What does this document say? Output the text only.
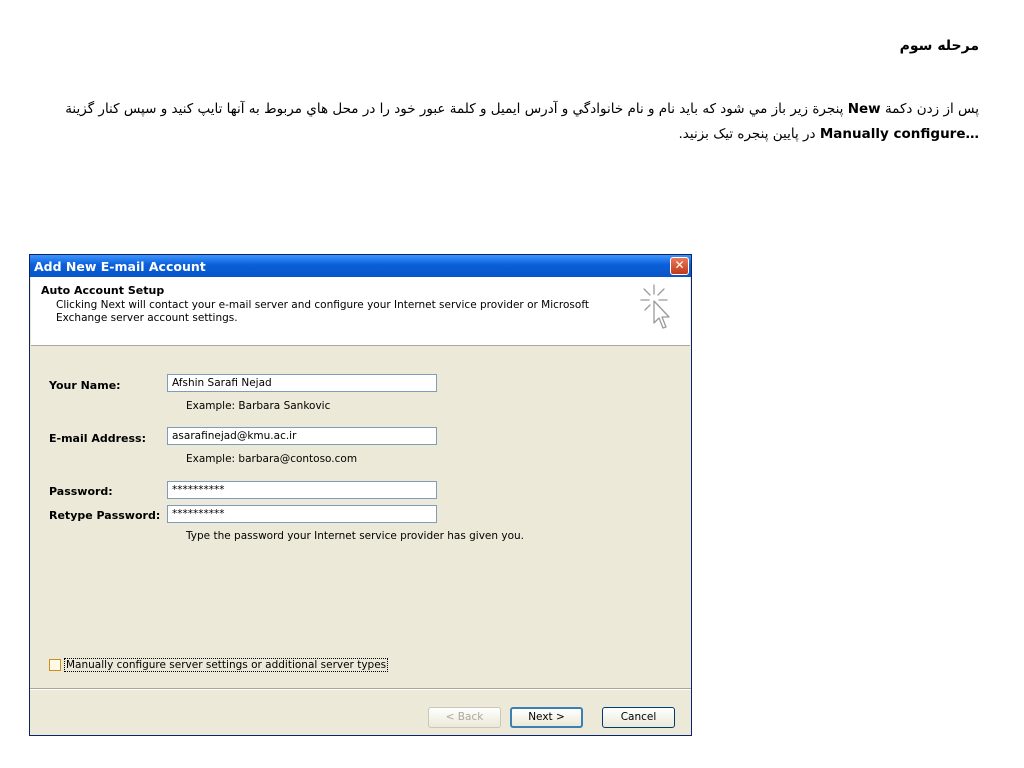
مرحله سوم
پس از زدن دکمة New پنجرة زير باز مي شود که بايد نام و نام خانوادگي و آدرس ايميل و کلمة عبور خود را در محل هاي مربوط به آنها تايپ کنيد و سپس کنار گزينة Manually configure… در پايين پنجره تيک بزنيد.
Add New E-mail Account	✕
Auto Account Setup
Clicking Next will contact your e-mail server and configure your Internet service provider or Microsoft Exchange server account settings.
Your Name:	Afshin Sarafi Nejad
Example: Barbara Sankovic
E-mail Address:	asarafinejad@kmu.ac.ir
Example: barbara@contoso.com
Password:	**********
Retype Password:	**********
Type the password your Internet service provider has given you.
Manually configure server settings or additional server types
< Back	Next >	Cancel
